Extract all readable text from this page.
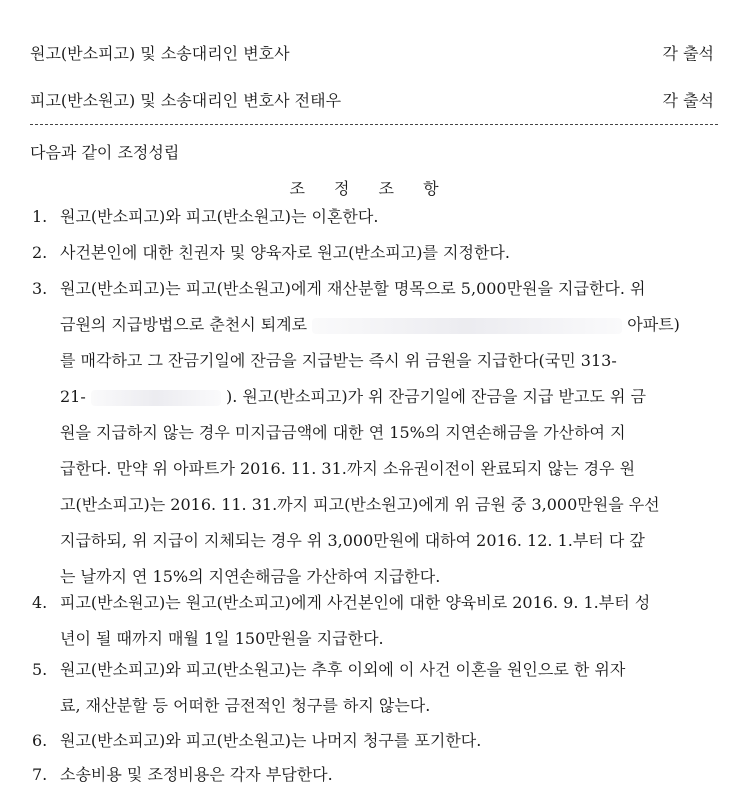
원고(반소피고) 및 소송대리인 변호사	각 출석
피고(반소원고) 및 소송대리인 변호사 전태우	각 출석
다음과 같이 조정성립
조 정 조 항
1. 원고(반소피고)와 피고(반소원고)는 이혼한다.
2. 사건본인에 대한 친권자 및 양육자로 원고(반소피고)를 지정한다.
3. 원고(반소피고)는 피고(반소원고)에게 재산분할 명목으로 5,000만원을 지급한다. 위
금원의 지급방법으로 춘천시 퇴계로	아파트)
를 매각하고 그 잔금기일에 잔금을 지급받는 즉시 위 금원을 지급한다(국민 313-
21-	). 원고(반소피고)가 위 잔금기일에 잔금을 지급 받고도 위 금
원을 지급하지 않는 경우 미지급금액에 대한 연 15%의 지연손해금을 가산하여 지
급한다. 만약 위 아파트가 2016. 11. 31.까지 소유권이전이 완료되지 않는 경우 원
고(반소피고)는 2016. 11. 31.까지 피고(반소원고)에게 위 금원 중 3,000만원을 우선
지급하되, 위 지급이 지체되는 경우 위 3,000만원에 대하여 2016. 12. 1.부터 다 갚
는 날까지 연 15%의 지연손해금을 가산하여 지급한다.
4. 피고(반소원고)는 원고(반소피고)에게 사건본인에 대한 양육비로 2016. 9. 1.부터 성
년이 될 때까지 매월 1일 150만원을 지급한다.
5. 원고(반소피고)와 피고(반소원고)는 추후 이외에 이 사건 이혼을 원인으로 한 위자
료, 재산분할 등 어떠한 금전적인 청구를 하지 않는다.
6. 원고(반소피고)와 피고(반소원고)는 나머지 청구를 포기한다.
7. 소송비용 및 조정비용은 각자 부담한다.
